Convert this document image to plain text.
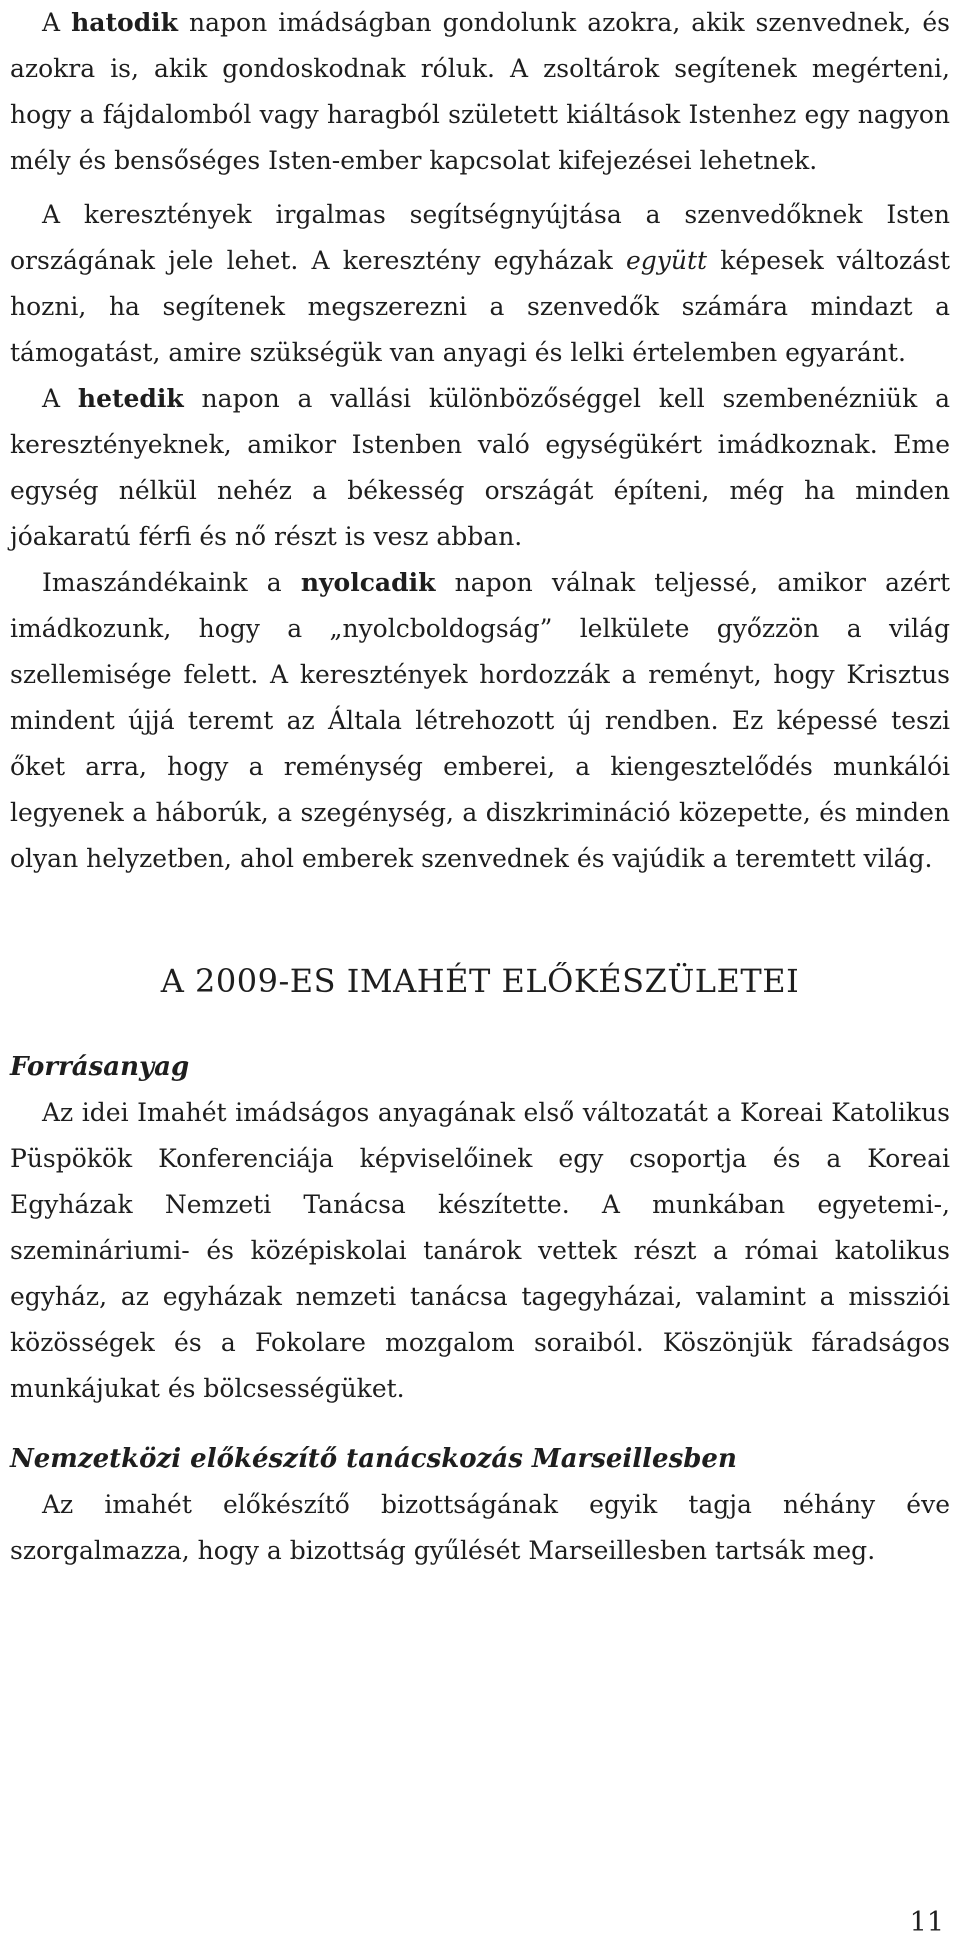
A hatodik napon imádságban gondolunk azokra, akik szenvednek, és azokra is, akik gondoskodnak róluk. A zsoltárok segítenek megérteni, hogy a fájdalomból vagy haragból született kiáltások Istenhez egy nagyon mély és bensőséges Isten-ember kapcsolat kifejezései lehetnek.

A keresztények irgalmas segítségnyújtása a szenvedőknek Isten országának jele lehet. A keresztény egyházak együtt képesek változást hozni, ha segítenek megszerezni a szenvedők számára mindazt a támogatást, amire szükségük van anyagi és lelki értelemben egyaránt.

A hetedik napon a vallási különbözőséggel kell szembenézniük a keresztényeknek, amikor Istenben való egységükért imádkoznak. Eme egység nélkül nehéz a békesség országát építeni, még ha minden jóakaratú férfi és nő részt is vesz abban.

Imaszándékaink a nyolcadik napon válnak teljessé, amikor azért imádkozunk, hogy a „nyolcboldogság” lelkülete győzzön a világ szellemisége felett. A keresztények hordozzák a reményt, hogy Krisztus mindent újjá teremt az Általa létrehozott új rendben. Ez képessé teszi őket arra, hogy a reménység emberei, a kiengesztelődés munkálói legyenek a háborúk, a szegénység, a diszkrimináció közepette, és minden olyan helyzetben, ahol emberek szenvednek és vajúdik a teremtett világ.

A 2009-ES IMAHÉT ELŐKÉSZÜLETEI
Forrásanyag

Az idei Imahét imádságos anyagának első változatát a Koreai Katolikus Püspökök Konferenciája képviselőinek egy csoportja és a Koreai Egyházak Nemzeti Tanácsa készítette. A munkában egyetemi-, szemináriumi- és középiskolai tanárok vettek részt a római katolikus egyház, az egyházak nemzeti tanácsa tagegyházai, valamint a missziói közösségek és a Fokolare mozgalom soraiból. Köszönjük fáradságos munkájukat és bölcsességüket.

Nemzetközi előkészítő tanácskozás Marseillesben

Az imahét előkészítő bizottságának egyik tagja néhány éve szorgalmazza, hogy a bizottság gyűlését Marseillesben tartsák meg.

11
